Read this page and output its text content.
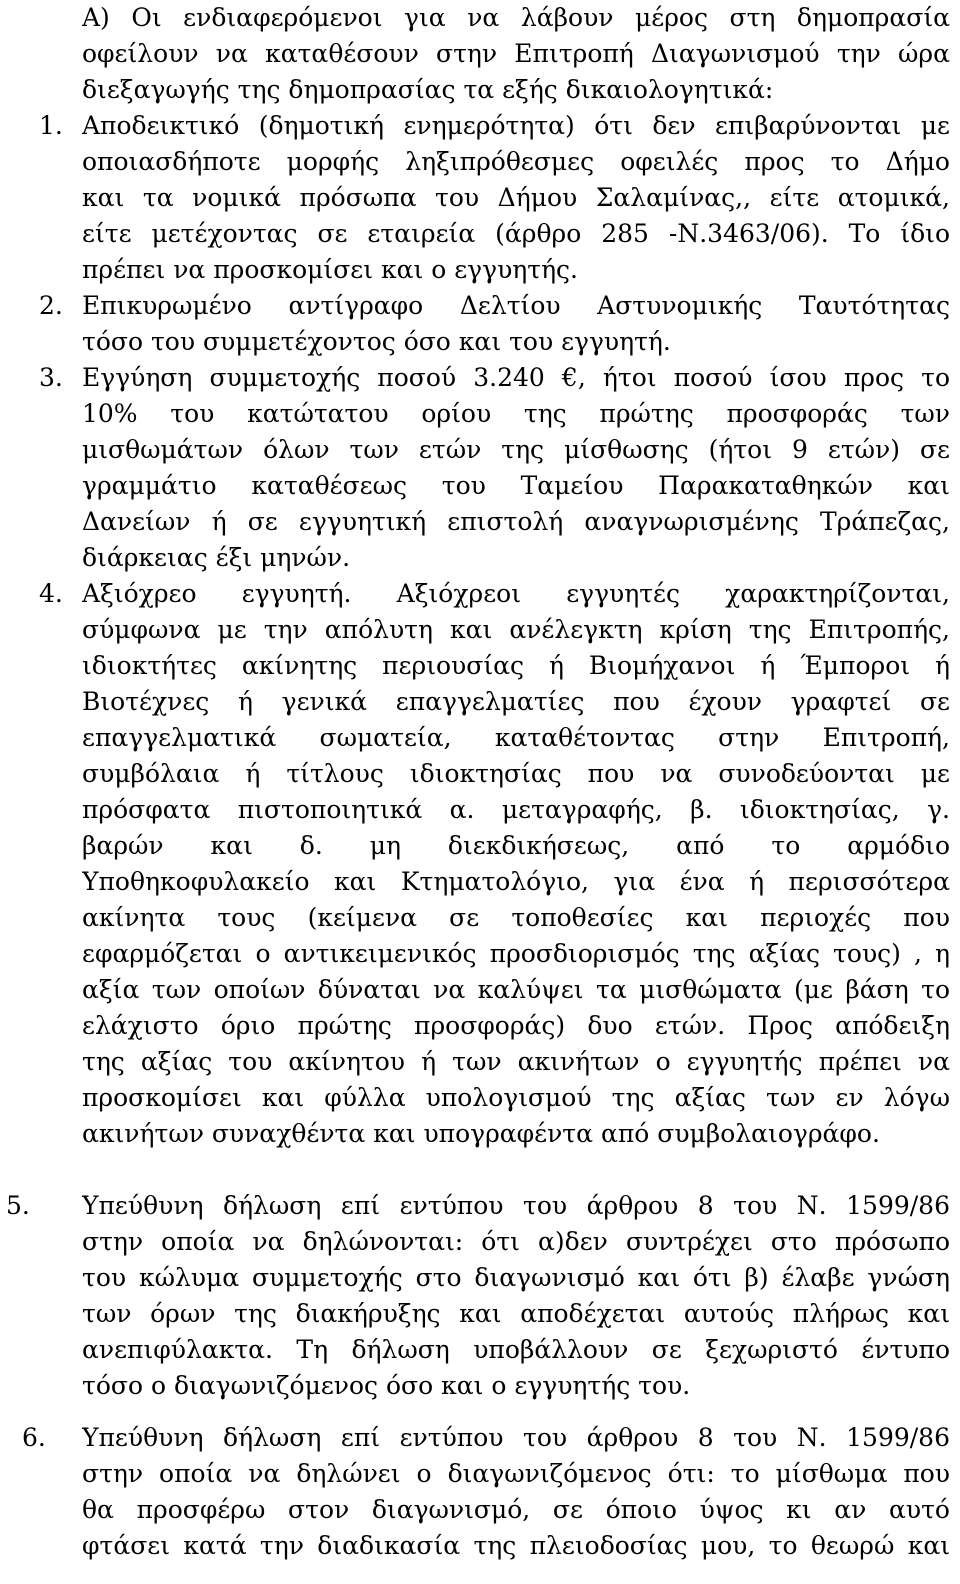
Α) Οι ενδιαφερόμενοι για να λάβουν μέρος στη δημοπρασία
οφείλουν να καταθέσουν στην Επιτροπή Διαγωνισμού την ώρα
διεξαγωγής της δημοπρασίας τα εξής δικαιολογητικά:
1. Αποδεικτικό (δημοτική ενημερότητα) ότι δεν επιβαρύνονται με
οποιασδήποτε μορφής ληξιπρόθεσμες οφειλές προς το Δήμο
και τα νομικά πρόσωπα του Δήμου Σαλαμίνας,, είτε ατομικά,
είτε μετέχοντας σε εταιρεία (άρθρο 285 -Ν.3463/06). Το ίδιο
πρέπει να προσκομίσει και ο εγγυητής.
2. Επικυρωμένο αντίγραφο Δελτίου Αστυνομικής Ταυτότητας
τόσο του συμμετέχοντος όσο και του εγγυητή.
3. Εγγύηση συμμετοχής ποσού 3.240 €, ήτοι ποσού ίσου προς το
10% του κατώτατου ορίου της πρώτης προσφοράς των
μισθωμάτων όλων των ετών της μίσθωσης (ήτοι 9 ετών) σε
γραμμάτιο καταθέσεως του Ταμείου Παρακαταθηκών και
Δανείων ή σε εγγυητική επιστολή αναγνωρισμένης Τράπεζας,
διάρκειας έξι μηνών.
4. Αξιόχρεο εγγυητή. Αξιόχρεοι εγγυητές χαρακτηρίζονται,
σύμφωνα με την απόλυτη και ανέλεγκτη κρίση της Επιτροπής,
ιδιοκτήτες ακίνητης περιουσίας ή Βιομήχανοι ή Έμποροι ή
Βιοτέχνες ή γενικά επαγγελματίες που έχουν γραφτεί σε
επαγγελματικά σωματεία, καταθέτοντας στην Επιτροπή,
συμβόλαια ή τίτλους ιδιοκτησίας που να συνοδεύονται με
πρόσφατα πιστοποιητικά α. μεταγραφής, β. ιδιοκτησίας, γ.
βαρών και δ. μη διεκδικήσεως, από το αρμόδιο
Υποθηκοφυλακείο και Κτηματολόγιο, για ένα ή περισσότερα
ακίνητα τους (κείμενα σε τοποθεσίες και περιοχές που
εφαρμόζεται ο αντικειμενικός προσδιορισμός της αξίας τους) , η
αξία των οποίων δύναται να καλύψει τα μισθώματα (με βάση το
ελάχιστο όριο πρώτης προσφοράς) δυο ετών. Προς απόδειξη
της αξίας του ακίνητου ή των ακινήτων ο εγγυητής πρέπει να
προσκομίσει και φύλλα υπολογισμού της αξίας των εν λόγω
ακινήτων συναχθέντα και υπογραφέντα από συμβολαιογράφο.
5. Υπεύθυνη δήλωση επί εντύπου του άρθρου 8 του Ν. 1599/86
στην οποία να δηλώνονται: ότι α)δεν συντρέχει στο πρόσωπο
του κώλυμα συμμετοχής στο διαγωνισμό και ότι β) έλαβε γνώση
των όρων της διακήρυξης και αποδέχεται αυτούς πλήρως και
ανεπιφύλακτα. Τη δήλωση υποβάλλουν σε ξεχωριστό έντυπο
τόσο ο διαγωνιζόμενος όσο και ο εγγυητής του.
6. Υπεύθυνη δήλωση επί εντύπου του άρθρου 8 του Ν. 1599/86
στην οποία να δηλώνει ο διαγωνιζόμενος ότι: το μίσθωμα που
θα προσφέρω στον διαγωνισμό, σε όποιο ύψος κι αν αυτό
φτάσει κατά την διαδικασία της πλειοδοσίας μου, το θεωρώ και
